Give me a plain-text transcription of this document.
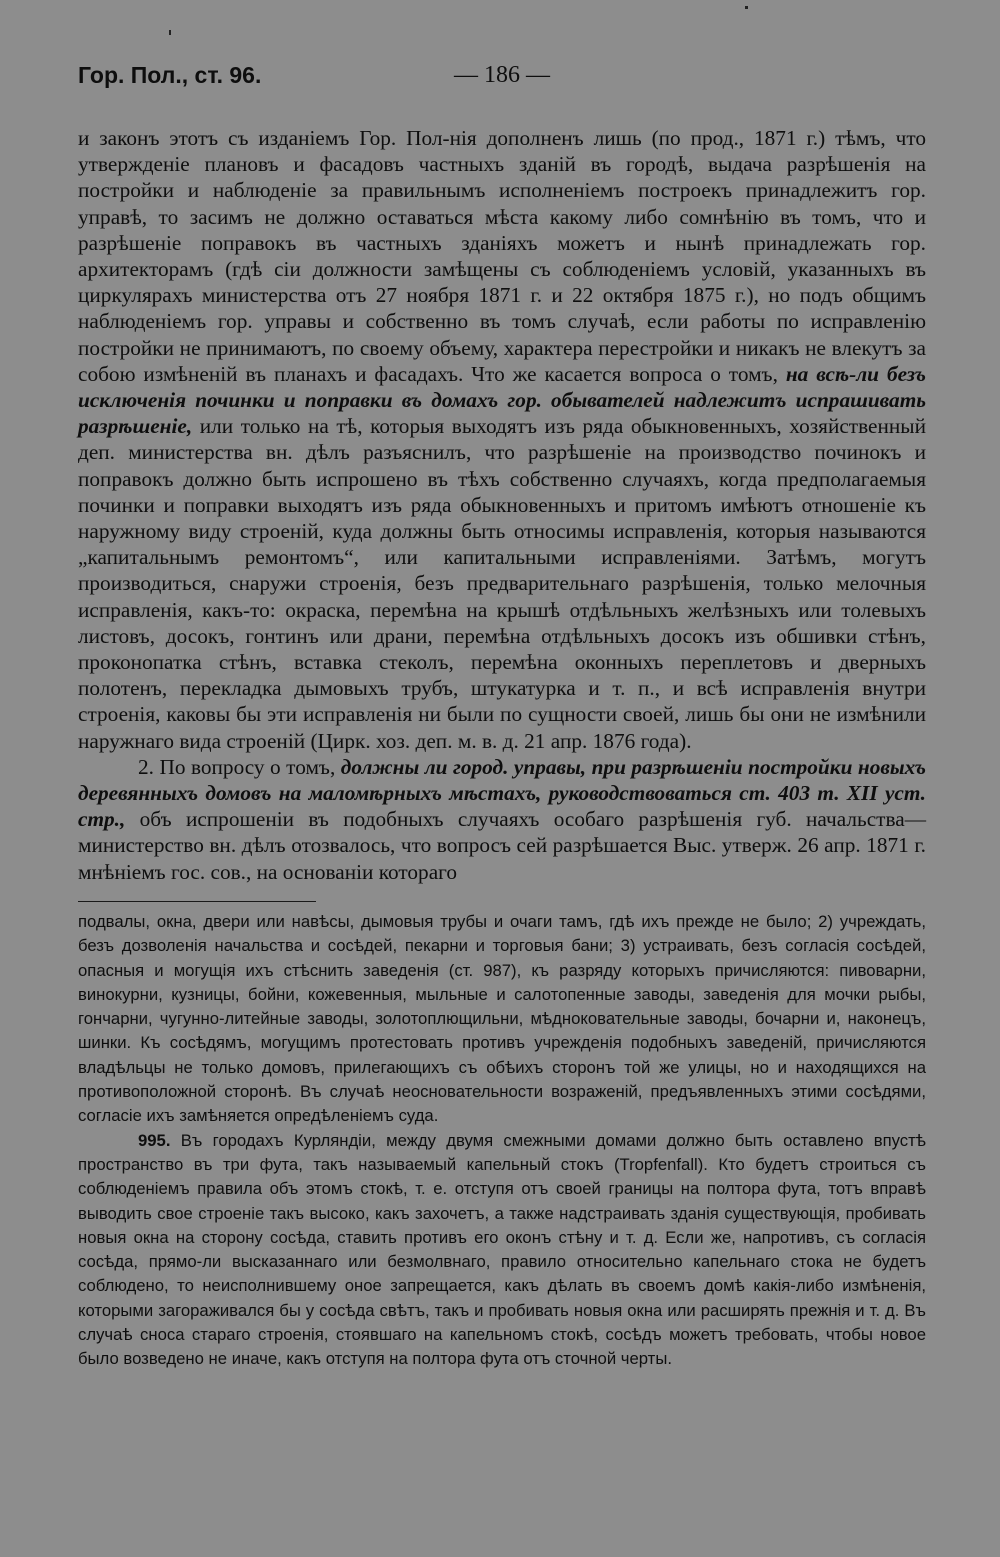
Гор. Пол., ст. 96.	— 186 —

и законъ этотъ съ изданіемъ Гор. Пол-нія дополненъ лишь (по прод., 1871 г.) тѣмъ, что утвержденіе плановъ и фасадовъ частныхъ зданій въ городѣ, выдача разрѣшенія на постройки и наблюденіе за правильнымъ исполненіемъ построекъ принадлежитъ гор. управѣ, то засимъ не должно оставаться мѣста какому либо сомнѣнію въ томъ, что и разрѣшеніе поправокъ въ частныхъ зданіяхъ можетъ и нынѣ принадлежать гор. архитекторамъ (гдѣ сіи должности замѣщены съ соблюденіемъ условій, указанныхъ въ циркулярахъ министерства отъ 27 ноября 1871 г. и 22 октября 1875 г.), но подъ общимъ наблюденіемъ гор. управы и собственно въ томъ случаѣ, если работы по исправленію постройки не принимаютъ, по своему объему, характера перестройки и никакъ не влекутъ за собою измѣненій въ планахъ и фасадахъ. Что же касается вопроса о томъ, на всѣ-ли безъ исключенія починки и поправки въ домахъ гор. обывателей надлежитъ испрашивать разрѣшеніе, или только на тѣ, которыя выходятъ изъ ряда обыкновенныхъ, хозяйственный деп. министерства вн. дѣлъ разъяснилъ, что разрѣшеніе на производство починокъ и поправокъ должно быть испрошено въ тѣхъ собственно случаяхъ, когда предполагаемыя починки и поправки выходятъ изъ ряда обыкновенныхъ и притомъ имѣютъ отношеніе къ наружному виду строеній, куда должны быть относимы исправленія, которыя называются „капитальнымъ ремонтомъ“, или капитальными исправленіями. Затѣмъ, могутъ производиться, снаружи строенія, безъ предварительнаго разрѣшенія, только мелочныя исправленія, какъ-то: окраска, перемѣна на крышѣ отдѣльныхъ желѣзныхъ или толевыхъ листовъ, досокъ, гонтинъ или драни, перемѣна отдѣльныхъ досокъ изъ обшивки стѣнъ, проконопатка стѣнъ, вставка стеколъ, перемѣна оконныхъ переплетовъ и дверныхъ полотенъ, перекладка дымовыхъ трубъ, штукатурка и т. п., и всѣ исправленія внутри строенія, каковы бы эти исправленія ни были по сущности своей, лишь бы они не измѣнили наружнаго вида строеній (Цирк. хоз. деп. м. в. д. 21 апр. 1876 года).

2. По вопросу о томъ, должны ли город. управы, при разрѣшеніи постройки новыхъ деревянныхъ домовъ на маломѣрныхъ мѣстахъ, руководствоваться ст. 403 т. XII уст. стр., объ испрошеніи въ подобныхъ случаяхъ особаго разрѣшенія губ. начальства—министерство вн. дѣлъ отозвалось, что вопросъ сей разрѣшается Выс. утверж. 26 апр. 1871 г. мнѣніемъ гос. сов., на основаніи котораго

подвалы, окна, двери или навѣсы, дымовыя трубы и очаги тамъ, гдѣ ихъ прежде не было; 2) учреждать, безъ дозволенія начальства и сосѣдей, пекарни и торговыя бани; 3) устраивать, безъ согласія сосѣдей, опасныя и могущія ихъ стѣснить заведенія (ст. 987), къ разряду которыхъ причисляются: пивоварни, винокурни, кузницы, бойни, кожевенныя, мыльные и салотопенные заводы, заведенія для мочки рыбы, гончарни, чугунно-литейные заводы, золотоплющильни, мѣдноковательные заводы, бочарни и, наконецъ, шинки. Къ сосѣдямъ, могущимъ протестовать противъ учрежденія подобныхъ заведеній, причисляются владѣльцы не только домовъ, прилегающихъ съ обѣихъ сторонъ той же улицы, но и находящихся на противоположной сторонѣ. Въ случаѣ неосновательности возраженій, предъявленныхъ этими сосѣдями, согласіе ихъ замѣняется опредѣленіемъ суда.

995. Въ городахъ Курляндіи, между двумя смежными домами должно быть оставлено впустѣ пространство въ три фута, такъ называемый капельный стокъ (Tropfenfall). Кто будетъ строиться съ соблюденіемъ правила объ этомъ стокѣ, т. е. отступя отъ своей границы на полтора фута, тотъ вправѣ выводить свое строеніе такъ высоко, какъ захочетъ, а также надстраивать зданія существующія, пробивать новыя окна на сторону сосѣда, ставить противъ его оконъ стѣну и т. д. Если же, напротивъ, съ согласія сосѣда, прямо-ли высказаннаго или безмолвнаго, правило относительно капельнаго стока не будетъ соблюдено, то неисполнившему оное запрещается, какъ дѣлать въ своемъ домѣ какія-либо измѣненія, которыми загораживался бы у сосѣда свѣтъ, такъ и пробивать новыя окна или расширять прежнія и т. д. Въ случаѣ сноса стараго строенія, стоявшаго на капельномъ стокѣ, сосѣдъ можетъ требовать, чтобы новое было возведено не иначе, какъ отступя на полтора фута отъ сточной черты.
